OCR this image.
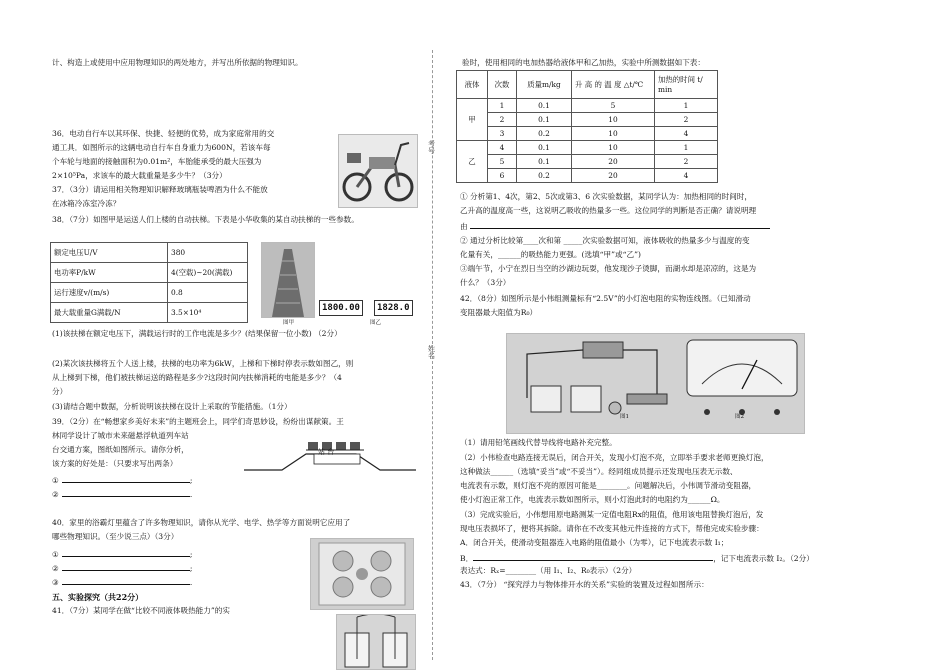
计、构造上或使用中应用物理知识的两处地方，并写出所依据的物理知识。
36．电动自行车以其环保、快捷、轻便的优势，成为家庭常用的交
通工具．如图所示的这辆电动自行车自身重力为600N，若该车每
个车轮与地面的接触面积为0.01m²，车胎能承受的最大压强为
2×10⁵Pa，求该车的最大载重量是多少牛？（3分）
37．（3分）请运用相关物理知识解释玻璃瓶装啤酒为什么不能放
在冰箱冷冻室冷冻？
38．（7分）如图甲是运送人们上楼的自动扶梯。下表是小华收集的某自动扶梯的一些参数。
额定电压U/V	380
电功率P/kW	4(空载)~20(满载)
运行速度v/(m/s)	0.8
最大载重量G满载/N	3.5×10⁴
图甲
1800.00	1828.0
图乙
(1)该扶梯在额定电压下，满载运行时的工作电流是多少？(结果保留一位小数) （2分）
(2)某次该扶梯将五个人送上楼，扶梯的电功率为6kW，上梯和下梯时停表示数如图乙，则
从上梯到下梯，他们被扶梯运送的路程是多少?这段时间内扶梯消耗的电能是多少？（4
分）
(3)请结合题中数据，分析说明该扶梯在设计上采取的节能措施。（1分）
39．（2分）在“畅想家乡美好未来”的主题班会上，同学们奇思妙设，纷纷出谋献策。王
林同学设计了城市未来磁悬浮轨道列车站
台交通方案，图纸如图所示。请你分析，
该方案的好处是：（只要求写出两条）
①	;
②	.
站 台
40．家里的浴霸灯里蕴含了许多物理知识，请你从光学、电学、热学等方面说明它应用了
哪些物理知识。（至少说三点）（3分）
①	;
②	;
③	.
五、实验探究（共22分）
41．（7分）某同学在做“比较不同液体吸热能力”的实
考号
姓名
验时，使用相同的电加热器给液体甲和乙加热，实验中所测数据如下表：
液体	次数	质量m/kg	升 高 的 温 度 △t/℃	加热的时间 t/ min
甲	1	0.1	5	1
	2	0.1	10	2
	3	0.2	10	4
乙	4	0.1	10	1
	5	0.1	20	2
	6	0.2	20	4
① 分析第1、4次，第2、5次或第3、6 次实验数据，某同学认为：加热相同的时间时，
乙升高的温度高一些，这说明乙吸收的热量多一些。这位同学的判断是否正确？请说明理
由
② 通过分析比较第____次和第 _____次实验数据可知，液体吸收的热量多少与温度的变
化量有关，______的吸热能力更强。(选填“甲”或“乙”)
③端午节，小宁在烈日当空的沙湖边玩耍，他发现沙子烫脚，而湖水却是凉凉的，这是为
什么？（3分）
42．（8分）如图所示是小伟组测量标有“2.5V”的小灯泡电阻的实物连线图。（已知滑动
变阻器最大阻值为R₀）
图1	图2
（1）请用铅笔画线代替导线将电路补充完整。
（2）小伟检查电路连接无误后，闭合开关，发现小灯泡不亮，立即举手要求老师更换灯泡，
这种做法______（选填“妥当”或“不妥当”）。经同组成员提示还发现电压表无示数、
电流表有示数，则灯泡不亮的原因可能是________。问题解决后，小伟调节滑动变阻器，
使小灯泡正常工作，电流表示数如图所示，则小灯泡此时的电阻约为______Ω。
（3）完成实验后，小伟想用原电路测某一定值电阻Rx的阻值，他用该电阻替换灯泡后，发
现电压表损坏了，便将其拆除。请你在不改变其他元件连接的方式下，帮他完成实验步骤：
A．闭合开关，使滑动变阻器连入电路的阻值最小（为零），记下电流表示数 I₁；
B．	，记下电流表示数 I₂。（2分）
表达式：Rₓ=________（用 I₁、I₂、R₀表示）（2分）
43．（7分） “探究浮力与物体排开水的关系”实验的装置及过程如图所示：
